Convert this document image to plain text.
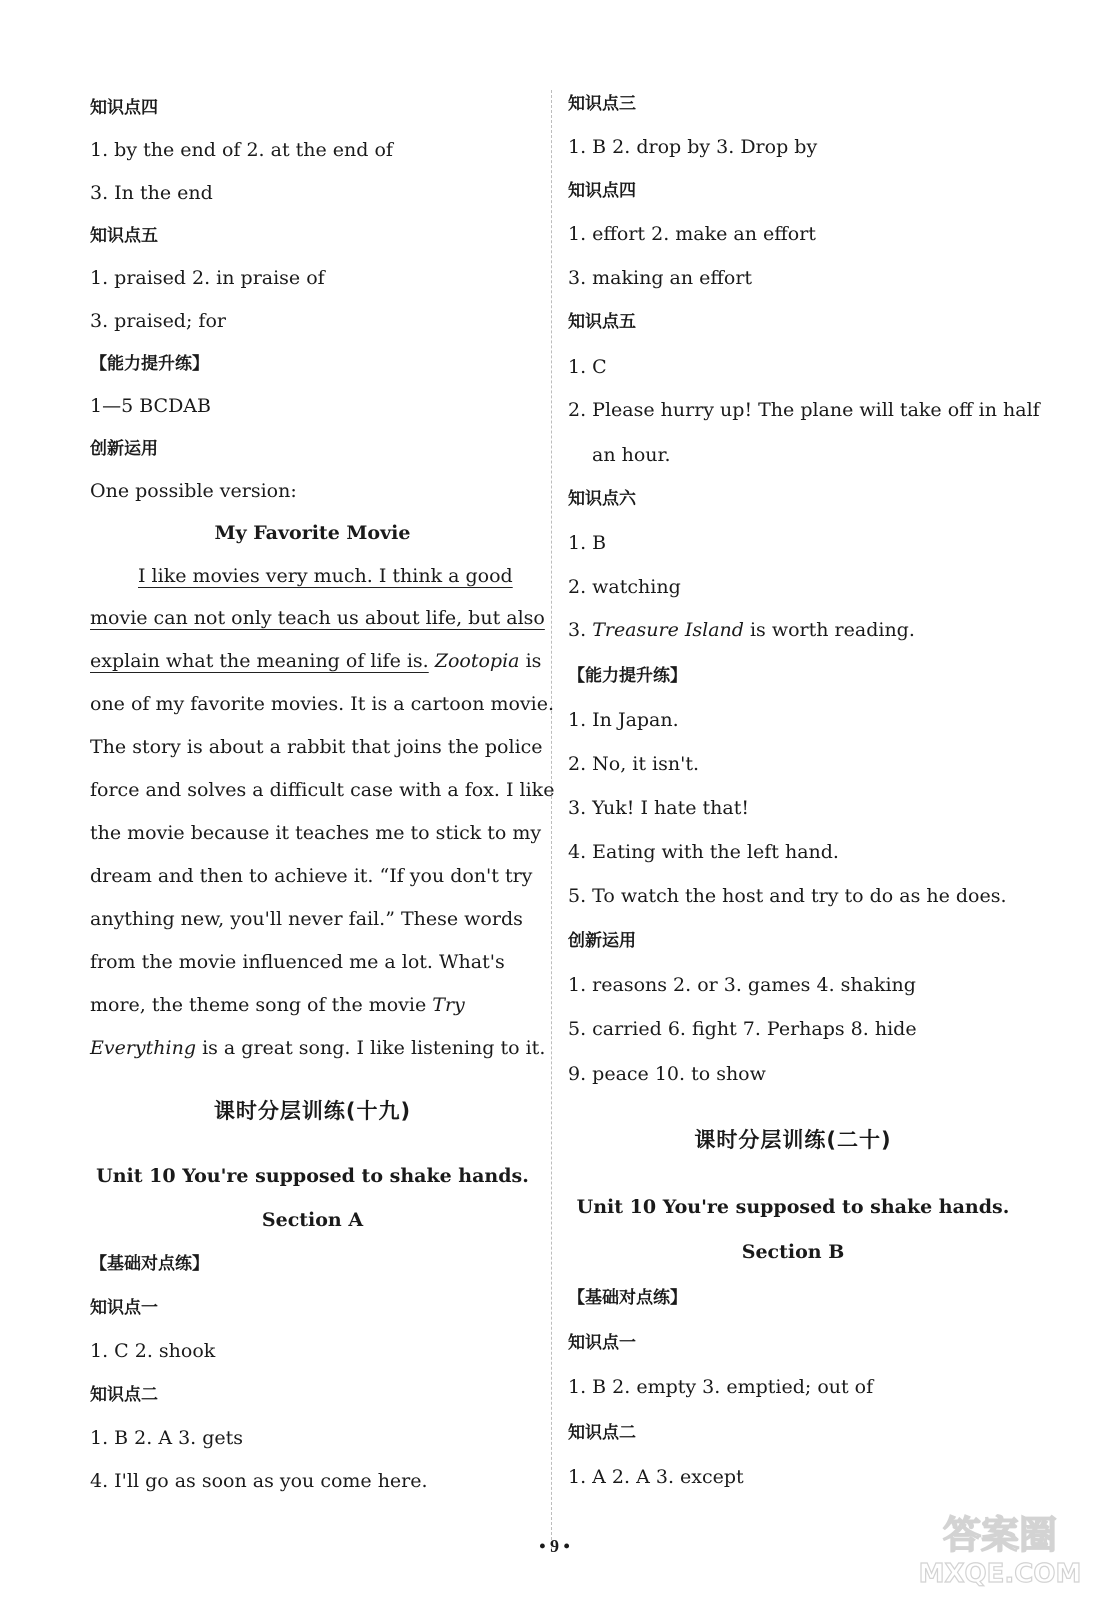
知识点四
1. by the end of 2. at the end of
3. In the end
知识点五
1. praised 2. in praise of
3. praised; for
【能力提升练】
1—5 BCDAB
创新运用
One possible version:
My Favorite Movie
I like movies very much. I think a good
movie can not only teach us about life, but also
explain what the meaning of life is. Zootopia is
one of my favorite movies. It is a cartoon movie.
The story is about a rabbit that joins the police
force and solves a difficult case with a fox. I like
the movie because it teaches me to stick to my
dream and then to achieve it. “If you don't try
anything new, you'll never fail.” These words
from the movie influenced me a lot. What's
more, the theme song of the movie Try
Everything is a great song. I like listening to it.
课时分层训练(十九)
Unit 10 You're supposed to shake hands.
Section A
【基础对点练】
知识点一
1. C 2. shook
知识点二
1. B 2. A 3. gets
4. I'll go as soon as you come here.
知识点三
1. B 2. drop by 3. Drop by
知识点四
1. effort 2. make an effort
3. making an effort
知识点五
1. C
2. Please hurry up! The plane will take off in half
an hour.
知识点六
1. B
2. watching
3. Treasure Island is worth reading.
【能力提升练】
1. In Japan.
2. No, it isn't.
3. Yuk! I hate that!
4. Eating with the left hand.
5. To watch the host and try to do as he does.
创新运用
1. reasons 2. or 3. games 4. shaking
5. carried 6. fight 7. Perhaps 8. hide
9. peace 10. to show
课时分层训练(二十)
Unit 10 You're supposed to shake hands.
Section B
【基础对点练】
知识点一
1. B 2. empty 3. emptied; out of
知识点二
1. A 2. A 3. except
• 9 •	答案圈
MXQE.COM
